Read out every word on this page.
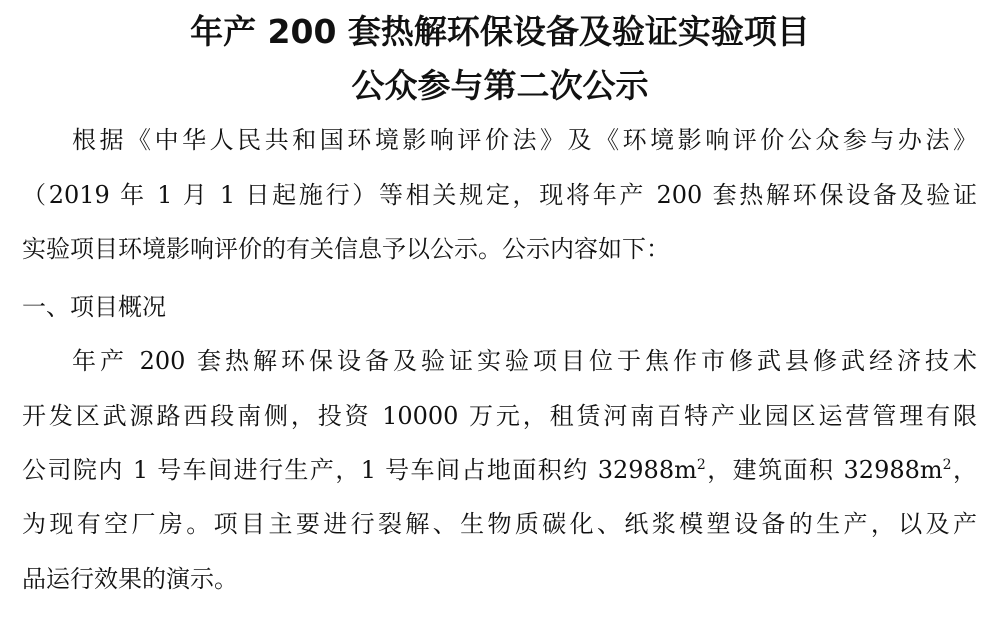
年产 200 套热解环保设备及验证实验项目
公众参与第二次公示
根据《中华人民共和国环境影响评价法》及《环境影响评价公众参与办法》
（2019 年 1 月 1 日起施行）等相关规定，现将年产 200 套热解环保设备及验证
实验项目环境影响评价的有关信息予以公示。公示内容如下：
一、项目概况
年产 200 套热解环保设备及验证实验项目位于焦作市修武县修武经济技术
开发区武源路西段南侧，投资 10000 万元，租赁河南百特产业园区运营管理有限
公司院内 1 号车间进行生产，1 号车间占地面积约 $32988m^2$，建筑面积 $32988m^2$，
为现有空厂房。项目主要进行裂解、生物质碳化、纸浆模塑设备的生产，以及产
品运行效果的演示。
